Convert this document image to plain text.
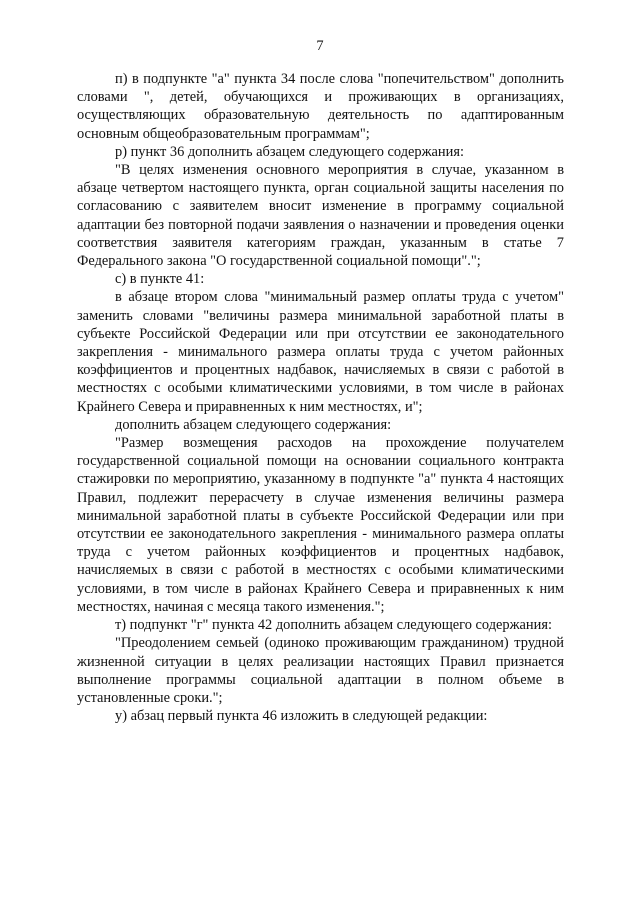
7

п) в подпункте "а" пункта 34 после слова "попечительством" дополнить словами ", детей, обучающихся и проживающих в организациях, осуществляющих образовательную деятельность по адаптированным основным общеобразовательным программам";

р) пункт 36 дополнить абзацем следующего содержания:

"В целях изменения основного мероприятия в случае, указанном в абзаце четвертом настоящего пункта, орган социальной защиты населения по согласованию с заявителем вносит изменение в программу социальной адаптации без повторной подачи заявления о назначении и проведения оценки соответствия заявителя категориям граждан, указанным в статье 7 Федерального закона "О государственной социальной помощи".";

с) в пункте 41:

в абзаце втором слова "минимальный размер оплаты труда с учетом" заменить словами "величины размера минимальной заработной платы в субъекте Российской Федерации или при отсутствии ее законодательного закрепления - минимального размера оплаты труда с учетом районных коэффициентов и процентных надбавок, начисляемых в связи с работой в местностях с особыми климатическими условиями, в том числе в районах Крайнего Севера и приравненных к ним местностях, и";

дополнить абзацем следующего содержания:

"Размер возмещения расходов на прохождение получателем государственной социальной помощи на основании социального контракта стажировки по мероприятию, указанному в подпункте "а" пункта 4 настоящих Правил, подлежит перерасчету в случае изменения величины размера минимальной заработной платы в субъекте Российской Федерации или при отсутствии ее законодательного закрепления - минимального размера оплаты труда с учетом районных коэффициентов и процентных надбавок, начисляемых в связи с работой в местностях с особыми климатическими условиями, в том числе в районах Крайнего Севера и приравненных к ним местностях, начиная с месяца такого изменения.";

т) подпункт "г" пункта 42 дополнить абзацем следующего содержания:

"Преодолением семьей (одиноко проживающим гражданином) трудной жизненной ситуации в целях реализации настоящих Правил признается выполнение программы социальной адаптации в полном объеме в установленные сроки.";

у) абзац первый пункта 46 изложить в следующей редакции:
